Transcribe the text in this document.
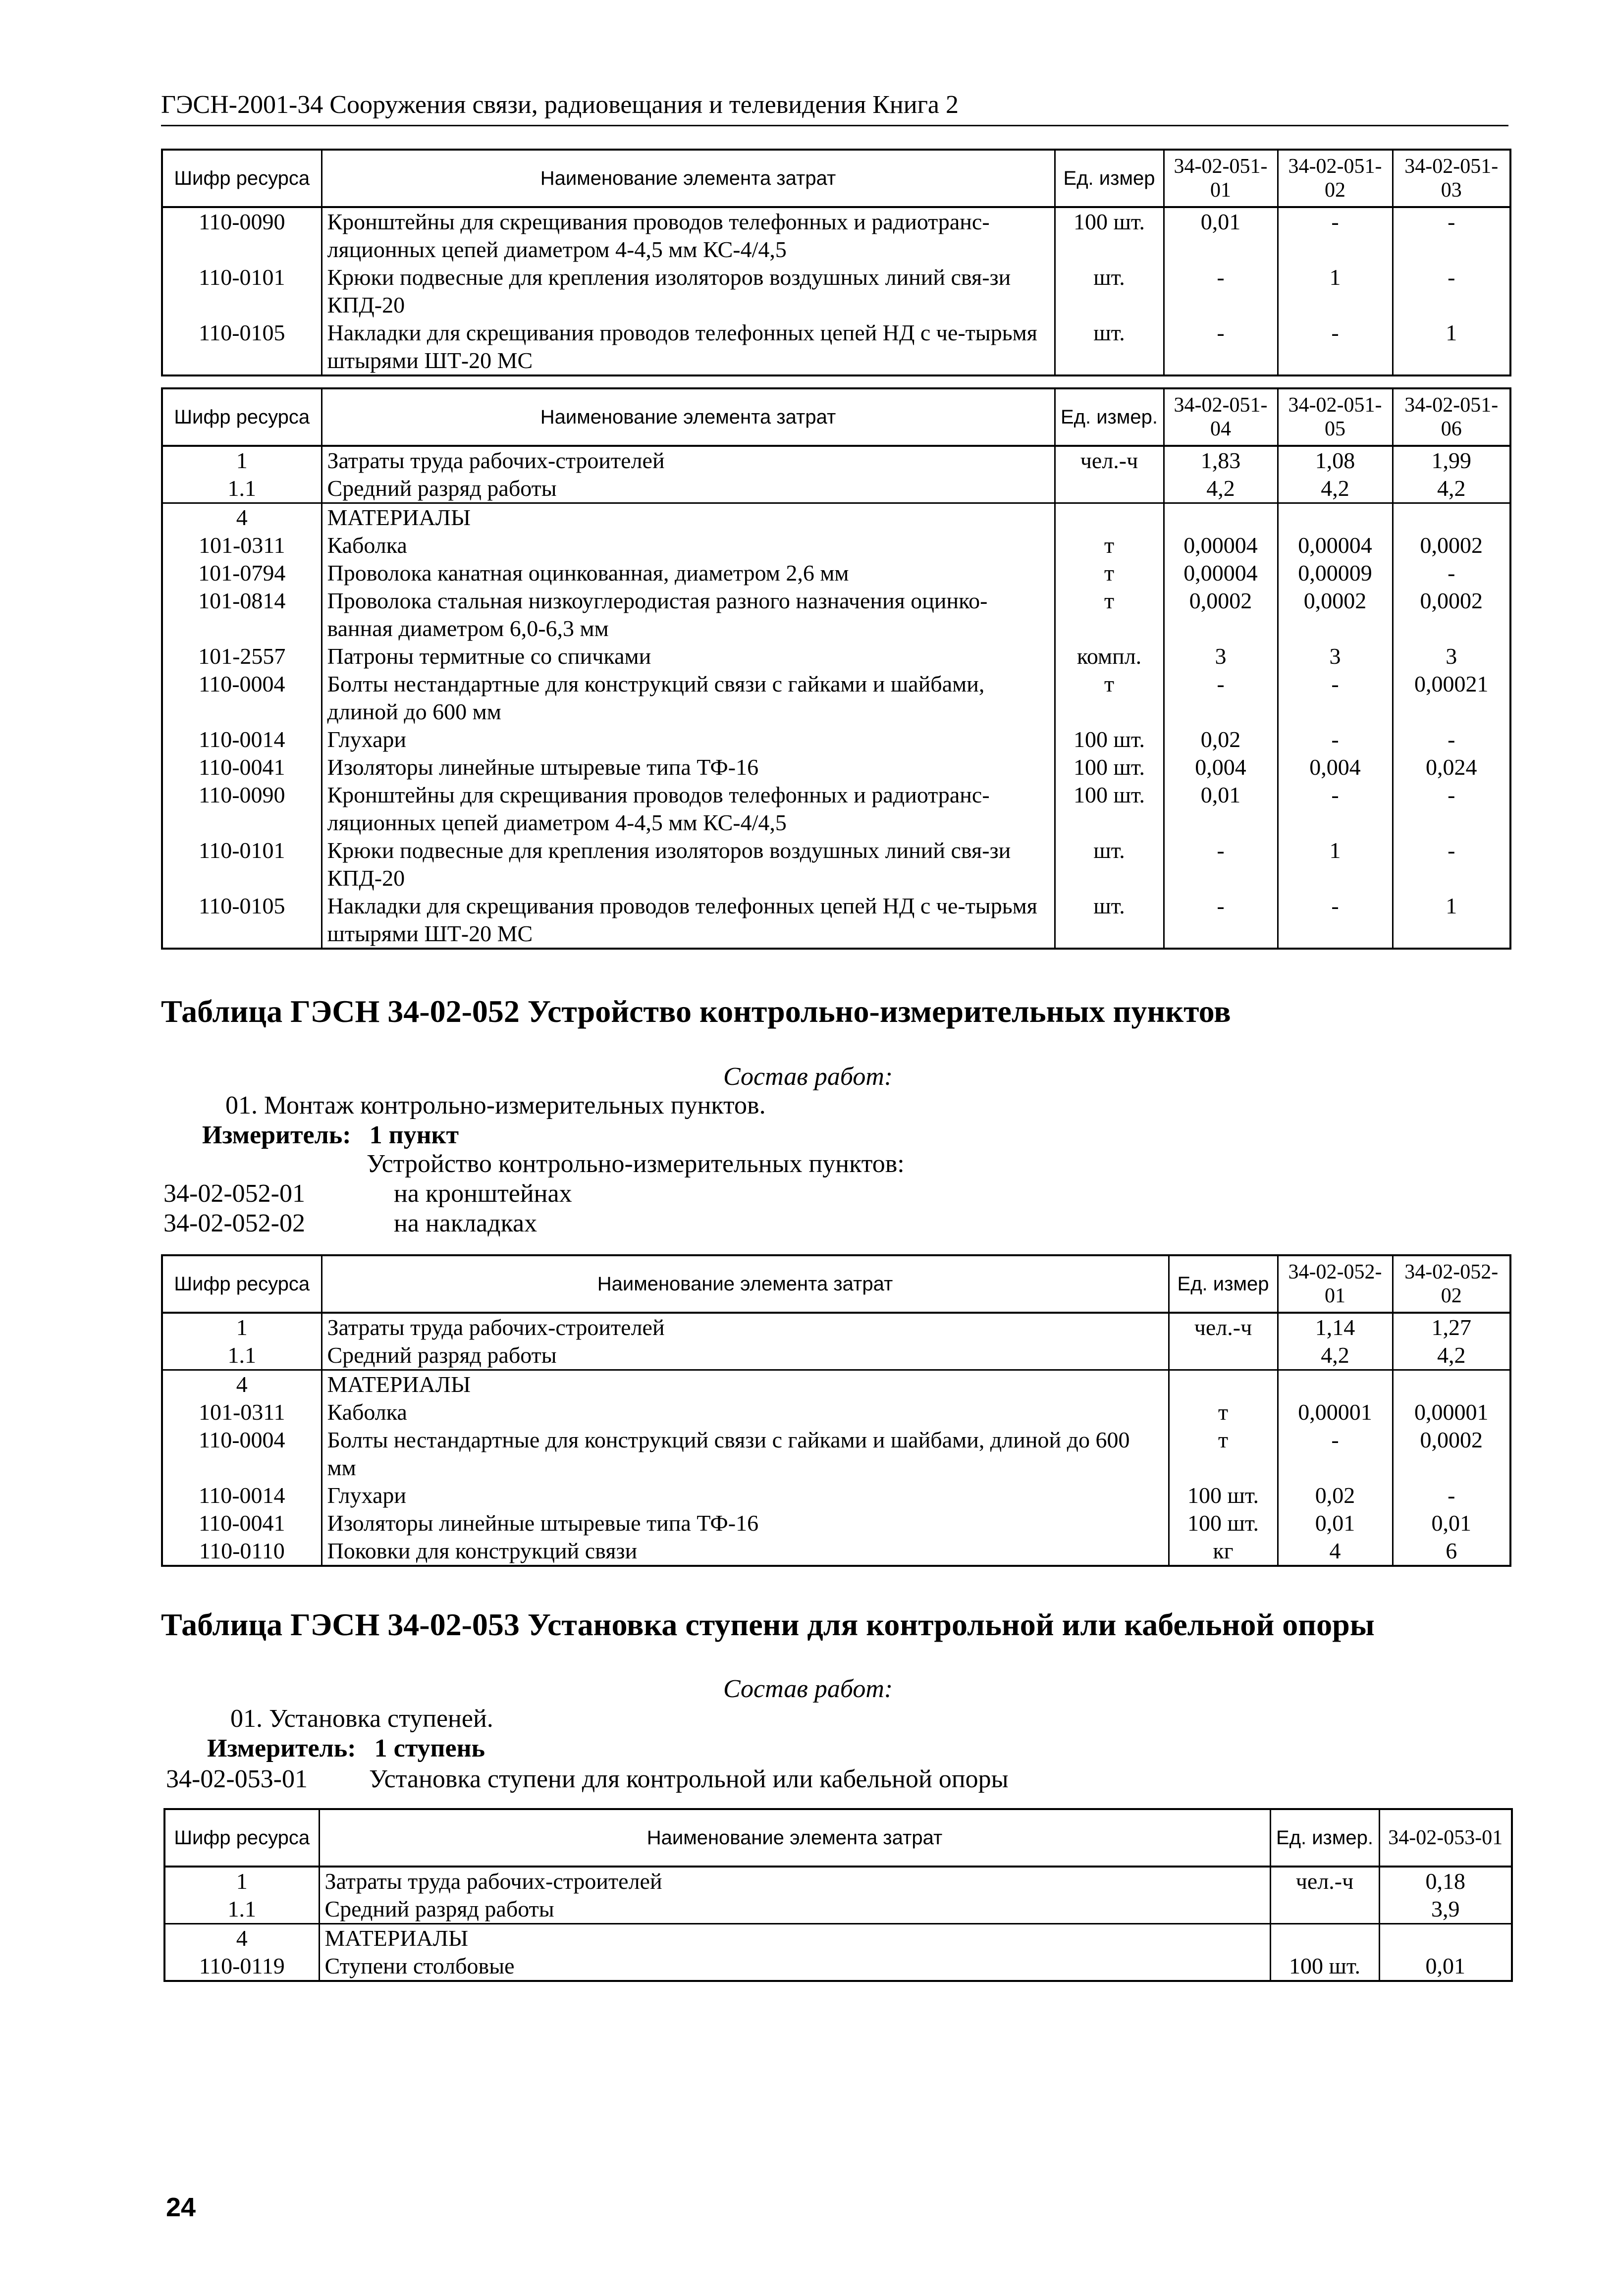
ГЭСН-2001-34 Сооружения связи, радиовещания и телевидения Книга 2
Шифр ресурса	Наименование элемента затрат	Ед. измер	34-02-051-01	34-02-051-02	34-02-051-03
110-0090	Кронштейны для скрещивания проводов телефонных и радиотранс-ляционных цепей диаметром 4-4,5 мм КС-4/4,5	100 шт.	0,01	-	-
110-0101	Крюки подвесные для крепления изоляторов воздушных линий свя-зи КПД-20	шт.	-	1	-
110-0105	Накладки для скрещивания проводов телефонных цепей НД с че-тырьмя штырями ШТ-20 МС	шт.	-	-	1
Шифр ресурса	Наименование элемента затрат	Ед. измер.	34-02-051-04	34-02-051-05	34-02-051-06
1	Затраты труда рабочих-строителей	чел.-ч	1,83	1,08	1,99
1.1	Средний разряд работы		4,2	4,2	4,2
4	МАТЕРИАЛЫ				
101-0311	Каболка	т	0,00004	0,00004	0,0002
101-0794	Проволока канатная оцинкованная, диаметром 2,6 мм	т	0,00004	0,00009	-
101-0814	Проволока стальная низкоуглеродистая разного назначения оцинко-ванная диаметром 6,0-6,3 мм	т	0,0002	0,0002	0,0002
101-2557	Патроны термитные со спичками	компл.	3	3	3
110-0004	Болты нестандартные для конструкций связи с гайками и шайбами, длиной до 600 мм	т	-	-	0,00021
110-0014	Глухари	100 шт.	0,02	-	-
110-0041	Изоляторы линейные штыревые типа ТФ-16	100 шт.	0,004	0,004	0,024
110-0090	Кронштейны для скрещивания проводов телефонных и радиотранс-ляционных цепей диаметром 4-4,5 мм КС-4/4,5	100 шт.	0,01	-	-
110-0101	Крюки подвесные для крепления изоляторов воздушных линий свя-зи КПД-20	шт.	-	1	-
110-0105	Накладки для скрещивания проводов телефонных цепей НД с че-тырьмя штырями ШТ-20 МС	шт.	-	-	1
Таблица ГЭСН 34-02-052 Устройство контрольно-измерительных пунктов
Состав работ:
01. Монтаж контрольно-измерительных пунктов.
Измеритель: 1 пункт
Устройство контрольно-измерительных пунктов:
34-02-052-01	на кронштейнах
34-02-052-02	на накладках
Шифр ресурса	Наименование элемента затрат	Ед. измер	34-02-052-01	34-02-052-02
1	Затраты труда рабочих-строителей	чел.-ч	1,14	1,27
1.1	Средний разряд работы		4,2	4,2
4	МАТЕРИАЛЫ			
101-0311	Каболка	т	0,00001	0,00001
110-0004	Болты нестандартные для конструкций связи с гайками и шайбами, длиной до 600 мм	т	-	0,0002
110-0014	Глухари	100 шт.	0,02	-
110-0041	Изоляторы линейные штыревые типа ТФ-16	100 шт.	0,01	0,01
110-0110	Поковки для конструкций связи	кг	4	6
Таблица ГЭСН 34-02-053 Установка ступени для контрольной или кабельной опоры
Состав работ:
01. Установка ступеней.
Измеритель: 1 ступень
34-02-053-01 Установка ступени для контрольной или кабельной опоры
Шифр ресурса	Наименование элемента затрат	Ед. измер.	34-02-053-01
1	Затраты труда рабочих-строителей	чел.-ч	0,18
1.1	Средний разряд работы		3,9
4	МАТЕРИАЛЫ		
110-0119	Ступени столбовые	100 шт.	0,01
24
